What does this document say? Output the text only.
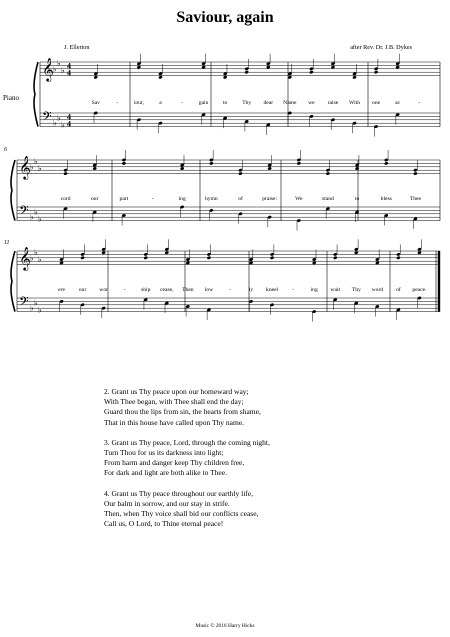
Saviour, again
J. Ellerton	after Rev. Dr. J.B. Dykes
Piano
6
11
𝄞
𝄢
♭
♭
♭
♭
♭
♭
4
4
4
4
Sav	-	iour,	a	-	gain	to	Thy dear Name we raise With one	ac	-
𝄞
𝄢
♭
♭
♭
♭
♭
♭
cord	our	part	-	ing	hymn	of	praise:	We	stand	to	bless	Thee
𝄞
𝄢
♭
♭
♭
♭
♭
♭
ere our wor	-	ship cease, Then low	-	ly kneel	-	ing wait Thy word of peace.
2. Grant us Thy peace upon our homeward way;
With Thee began, with Thee shall end the day;
Guard thou the lips from sin, the hearts from shame,
That in this house have called upon Thy name.
3. Grant us Thy peace, Lord, through the coming night,
Turn Thou for us its darkness into light;
From harm and danger keep Thy children free,
For dark and light are both alike to Thee.
4. Grant us Thy peace throughout our earthly life,
Our balm in sorrow, and our stay in strife.
Then, when Thy voice shall bid our conflicts cease,
Call us, O Lord, to Thine eternal peace!
Music © 2016 Harry Hicks
